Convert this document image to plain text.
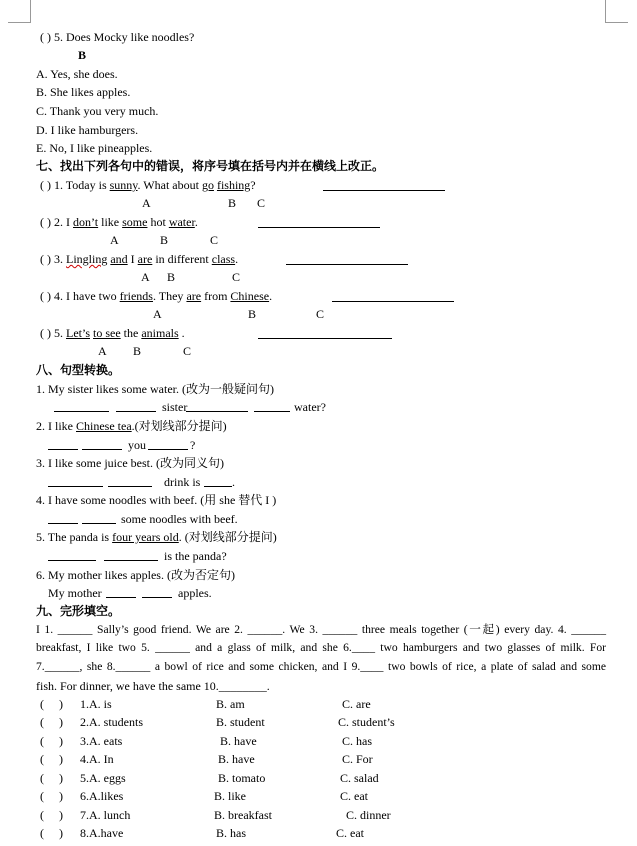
( ) 5. Does Mocky like noodles?
B
A. Yes, she does.
B. She likes apples.
C. Thank you very much.
D. I like hamburgers.
E. No, I like pineapples.
七、找出下列各句中的错误，将序号填在括号内并在横线上改正。
( ) 1. Today is sunny. What about go fishing?
A                          B       C
( ) 2. I don’t like some hot water.
A              B              C
( ) 3. Lingling and I are in different class.
A      B                   C
( ) 4. I have two friends. They are from Chinese.
A                             B                    C
( ) 5. Let’s to see the animals .
A         B              C
八、句型转换。
1. My sister likes some water. (改为一般疑问句)
sister	water?
2. I like Chinese tea.(对划线部分提问)
you	?
3. I like some juice best. (改为同义句)
drink is	.
4. I have some noodles with beef. (用 she 替代 I )
some noodles with beef.
5. The panda is four years old. (对划线部分提问)
is the panda?
6. My mother likes apples. (改为否定句)
My mother	apples.
九、完形填空。
I 1. ______ Sally’s good friend. We are 2. ______. We 3. ______ three meals together (一起) every day. 4. ______
breakfast, I like two 5. ______ and a glass of milk, and she 6.____ two hamburgers and two glasses of milk. For
7.______, she 8.______ a bowl of rice and some chicken, and I 9.____ two bowls of rice, a plate of salad and some
fish. For dinner, we have the same 10.________.
(     ) 1.A. is	B. am	C. are
(     ) 2.A. students	B. student	C. student’s
(     ) 3.A. eats	B. have	C. has
(     ) 4.A. In	B. have	C. For
(     ) 5.A. eggs	B. tomato	C. salad
(     ) 6.A.likes	B. like	C. eat
(     ) 7.A. lunch	B. breakfast	C. dinner
(     ) 8.A.have	B. has	C. eat
